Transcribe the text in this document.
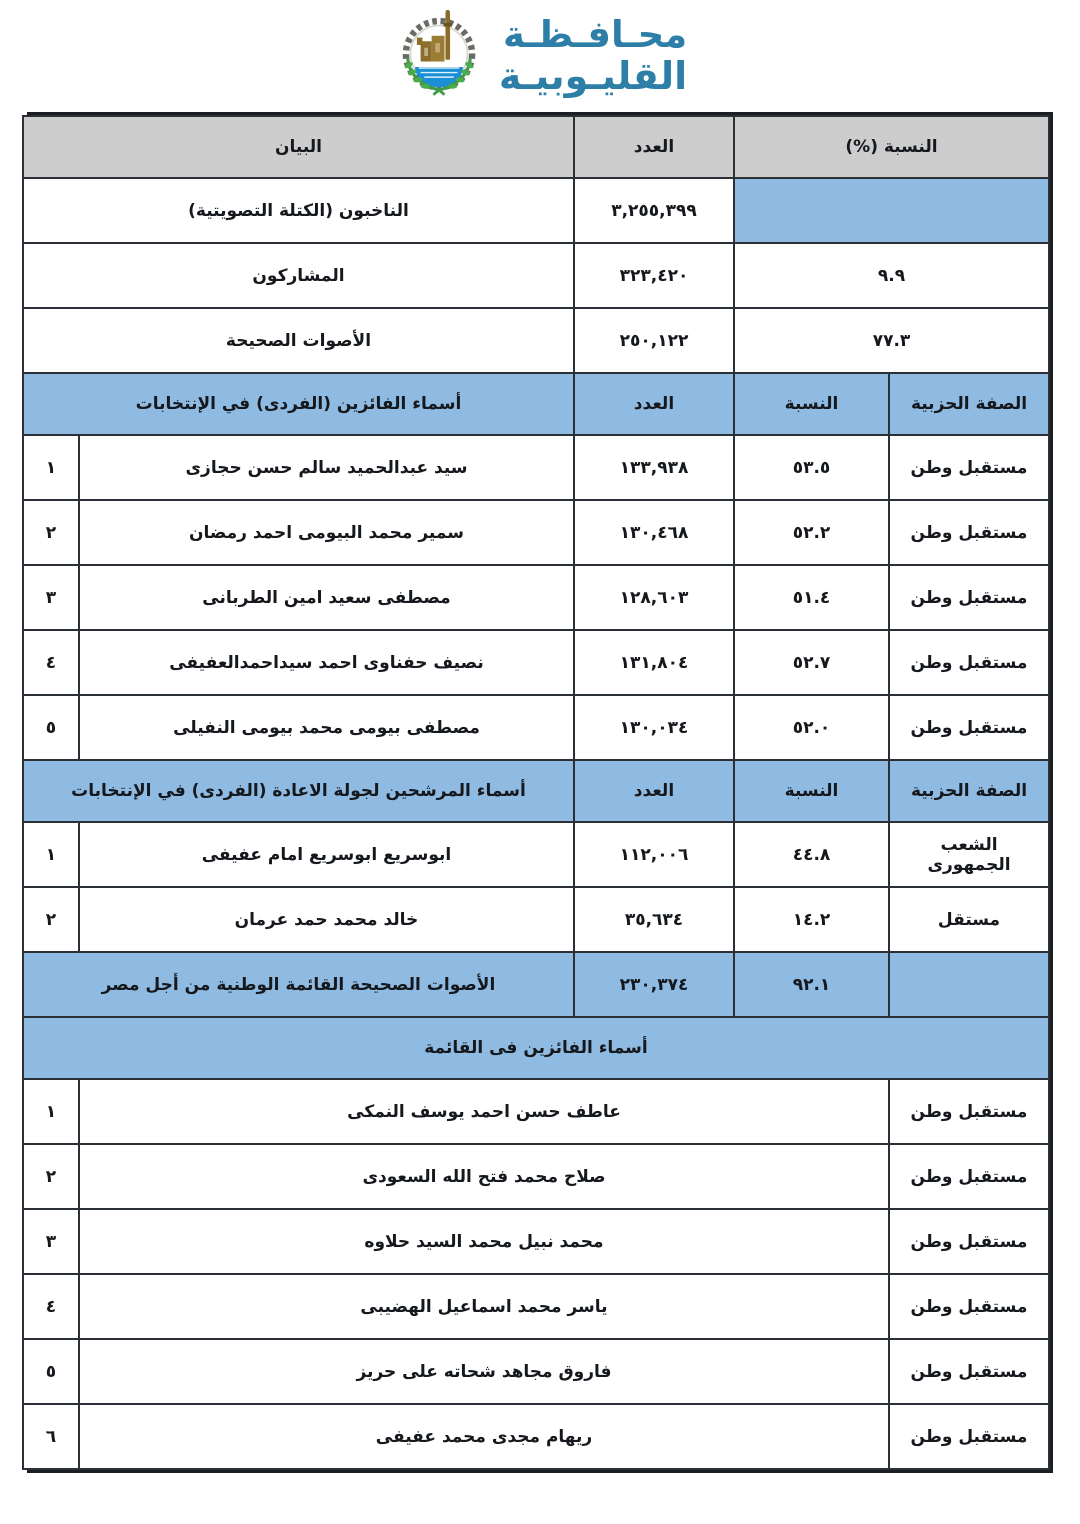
محـافـظـة
القليـوبيـة
النسبة (%)		العدد	البيان	
		٣,٢٥٥,٣٩٩	الناخبون (الكتلة التصويتية)	
٩.٩		٣٢٣,٤٢٠	المشاركون	
٧٧.٣		٢٥٠,١٢٢	الأصوات الصحيحة	
الصفة الحزبية	النسبة	العدد	أسماء الفائزين (الفردى) في الإنتخابات	
مستقبل وطن	٥٣.٥	١٣٣,٩٣٨	سيد عبدالحميد سالم حسن حجازى	١
مستقبل وطن	٥٢.٢	١٣٠,٤٦٨	سمير محمد البيومى احمد رمضان	٢
مستقبل وطن	٥١.٤	١٢٨,٦٠٣	مصطفى سعيد امين الطربانى	٣
مستقبل وطن	٥٢.٧	١٣١,٨٠٤	نصيف حفناوى احمد سيداحمدالعفيفى	٤
مستقبل وطن	٥٢.٠	١٣٠,٠٣٤	مصطفى بيومى محمد بيومى النفيلى	٥
الصفة الحزبية	النسبة	العدد	أسماء المرشحين لجولة الاعادة (الفردى) في الإنتخابات	
الشعب الجمهورى	٤٤.٨	١١٢,٠٠٦	ابوسريع ابوسريع امام عفيفى	١
مستقل	١٤.٢	٣٥,٦٣٤	خالد محمد حمد عرمان	٢
	٩٢.١	٢٣٠,٣٧٤	الأصوات الصحيحة القائمة الوطنية من أجل مصر	
أسماء الفائزين فى القائمة				
مستقبل وطن	عاطف حسن احمد يوسف النمكى			١
مستقبل وطن	صلاح محمد فتح الله السعودى			٢
مستقبل وطن	محمد نبيل محمد السيد حلاوه			٣
مستقبل وطن	ياسر محمد اسماعيل الهضيبى			٤
مستقبل وطن	فاروق مجاهد شحاته على حريز			٥
مستقبل وطن	ريهام مجدى محمد عفيفى			٦
